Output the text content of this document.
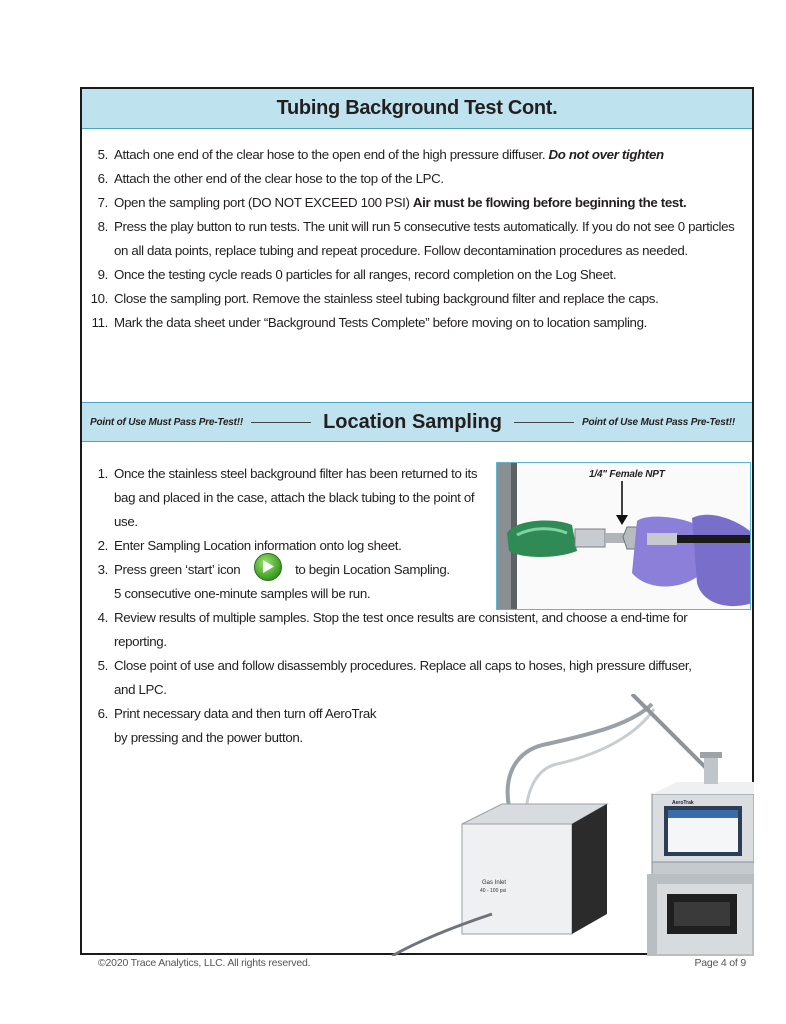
Tubing Background Test Cont.
5. Attach one end of the clear hose to the open end of the high pressure diffuser. Do not over tighten
6. Attach the other end of the clear hose to the top of the LPC.
7. Open the sampling port (DO NOT EXCEED 100 PSI) Air must be flowing before beginning the test.
8. Press the play button to run tests. The unit will run 5 consecutive tests automatically. If you do not see 0 particles on all data points, replace tubing and repeat procedure. Follow decontamination procedures as needed.
9. Once the testing cycle reads 0 particles for all ranges, record completion on the Log Sheet.
10. Close the sampling port. Remove the stainless steel tubing background filter and replace the caps.
11. Mark the data sheet under “Background Tests Complete” before moving on to location sampling.
Point of Use Must Pass Pre-Test!!	Location Sampling	Point of Use Must Pass Pre-Test!!
1. Once the stainless steel background filter has been returned to its bag and placed in the case, attach the black tubing to the point of use.
2. Enter Sampling Location information onto log sheet.
3. Press green ‘start’ icon	to begin Location Sampling.
5 consecutive one-minute samples will be run.
4. Review results of multiple samples. Stop the test once results are consistent, and choose a end-time for reporting.
5. Close point of use and follow disassembly procedures. Replace all caps to hoses, high pressure diffuser, and LPC.
6. Print necessary data and then turn off AeroTrak
by pressing and the power button.
1/4" Female NPT
Gas Inlet
40 - 100 psi
AeroTrak
©2020 Trace Analytics, LLC. All rights reserved.	Page 4 of 9
